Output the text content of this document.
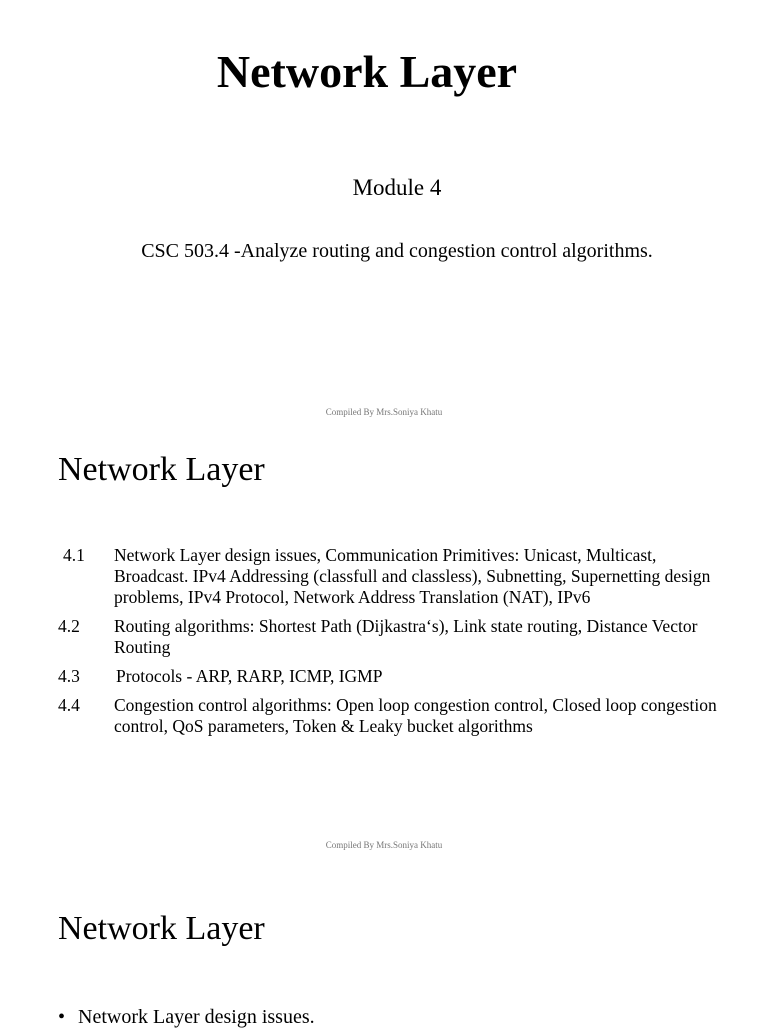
Network Layer
Module 4
CSC 503.4 -Analyze routing and congestion control algorithms.
Compiled By Mrs.Soniya Khatu
Network Layer
4.1 Network Layer design issues, Communication Primitives: Unicast, Multicast, Broadcast. IPv4 Addressing (classfull and classless), Subnetting, Supernetting design problems, IPv4 Protocol, Network Address Translation (NAT), IPv6
4.2 Routing algorithms: Shortest Path (Dijkastra‘s), Link state routing, Distance Vector Routing
4.3 Protocols - ARP, RARP, ICMP, IGMP
4.4 Congestion control algorithms: Open loop congestion control, Closed loop congestion control, QoS parameters, Token & Leaky bucket algorithms
Compiled By Mrs.Soniya Khatu
Network Layer
• Network Layer design issues.
